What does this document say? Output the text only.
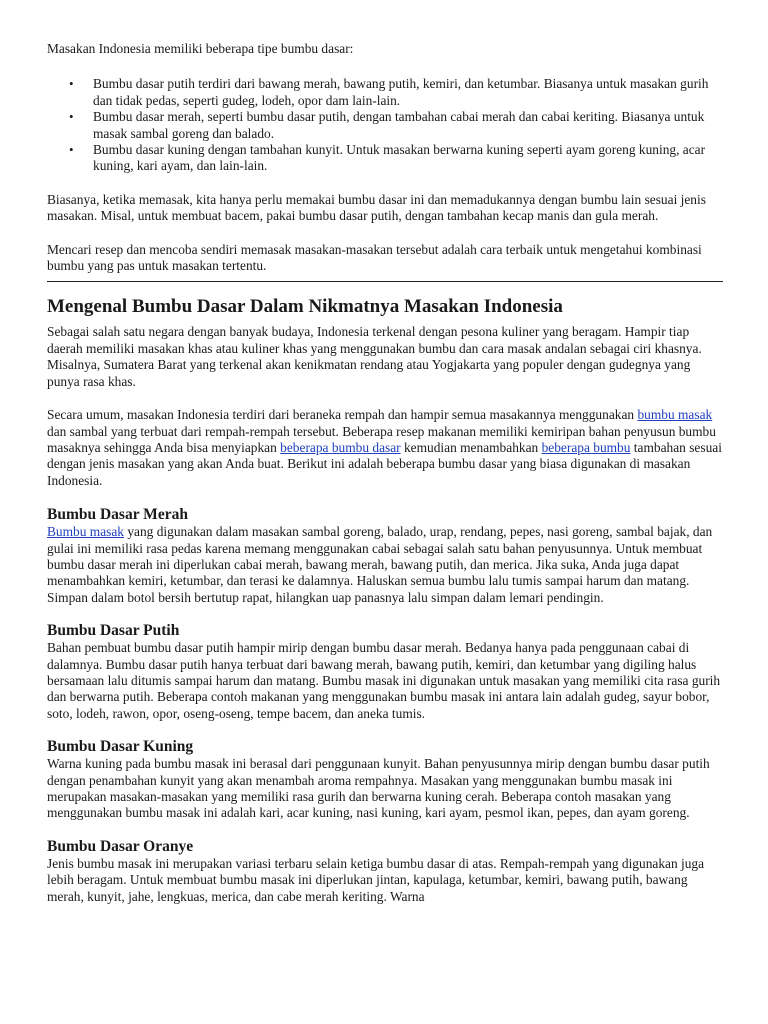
Masakan Indonesia memiliki beberapa tipe bumbu dasar:

• Bumbu dasar putih terdiri dari bawang merah, bawang putih, kemiri, dan ketumbar. Biasanya untuk masakan gurih dan tidak pedas, seperti gudeg, lodeh, opor dam lain-lain.
• Bumbu dasar merah, seperti bumbu dasar putih, dengan tambahan cabai merah dan cabai keriting. Biasanya untuk masak sambal goreng dan balado.
• Bumbu dasar kuning dengan tambahan kunyit. Untuk masakan berwarna kuning seperti ayam goreng kuning, acar kuning, kari ayam, dan lain-lain.

Biasanya, ketika memasak, kita hanya perlu memakai bumbu dasar ini dan memadukannya dengan bumbu lain sesuai jenis masakan. Misal, untuk membuat bacem, pakai bumbu dasar putih, dengan tambahan kecap manis dan gula merah.

Mencari resep dan mencoba sendiri memasak masakan-masakan tersebut adalah cara terbaik untuk mengetahui kombinasi bumbu yang pas untuk masakan tertentu.

Mengenal Bumbu Dasar Dalam Nikmatnya Masakan Indonesia

Sebagai salah satu negara dengan banyak budaya, Indonesia terkenal dengan pesona kuliner yang beragam. Hampir tiap daerah memiliki masakan khas atau kuliner khas yang menggunakan bumbu dan cara masak andalan sebagai ciri khasnya. Misalnya, Sumatera Barat yang terkenal akan kenikmatan rendang atau Yogjakarta yang populer dengan gudegnya yang punya rasa khas.

Secara umum, masakan Indonesia terdiri dari beraneka rempah dan hampir semua masakannya menggunakan bumbu masak dan sambal yang terbuat dari rempah-rempah tersebut. Beberapa resep makanan memiliki kemiripan bahan penyusun bumbu masaknya sehingga Anda bisa menyiapkan beberapa bumbu dasar kemudian menambahkan beberapa bumbu tambahan sesuai dengan jenis masakan yang akan Anda buat. Berikut ini adalah beberapa bumbu dasar yang biasa digunakan di masakan Indonesia.

Bumbu Dasar Merah

Bumbu masak yang digunakan dalam masakan sambal goreng, balado, urap, rendang, pepes, nasi goreng, sambal bajak, dan gulai ini memiliki rasa pedas karena memang menggunakan cabai sebagai salah satu bahan penyusunnya. Untuk membuat bumbu dasar merah ini diperlukan cabai merah, bawang merah, bawang putih, dan merica. Jika suka, Anda juga dapat menambahkan kemiri, ketumbar, dan terasi ke dalamnya. Haluskan semua bumbu lalu tumis sampai harum dan matang. Simpan dalam botol bersih bertutup rapat, hilangkan uap panasnya lalu simpan dalam lemari pendingin.

Bumbu Dasar Putih

Bahan pembuat bumbu dasar putih hampir mirip dengan bumbu dasar merah. Bedanya hanya pada penggunaan cabai di dalamnya. Bumbu dasar putih hanya terbuat dari bawang merah, bawang putih, kemiri, dan ketumbar yang digiling halus bersamaan lalu ditumis sampai harum dan matang. Bumbu masak ini digunakan untuk masakan yang memiliki cita rasa gurih dan berwarna putih. Beberapa contoh makanan yang menggunakan bumbu masak ini antara lain adalah gudeg, sayur bobor, soto, lodeh, rawon, opor, oseng-oseng, tempe bacem, dan aneka tumis.

Bumbu Dasar Kuning

Warna kuning pada bumbu masak ini berasal dari penggunaan kunyit. Bahan penyusunnya mirip dengan bumbu dasar putih dengan penambahan kunyit yang akan menambah aroma rempahnya. Masakan yang menggunakan bumbu masak ini merupakan masakan-masakan yang memiliki rasa gurih dan berwarna kuning cerah. Beberapa contoh masakan yang menggunakan bumbu masak ini adalah kari, acar kuning, nasi kuning, kari ayam, pesmol ikan, pepes, dan ayam goreng.

Bumbu Dasar Oranye

Jenis bumbu masak ini merupakan variasi terbaru selain ketiga bumbu dasar di atas. Rempah-rempah yang digunakan juga lebih beragam. Untuk membuat bumbu masak ini diperlukan jintan, kapulaga, ketumbar, kemiri, bawang putih, bawang merah, kunyit, jahe, lengkuas, merica, dan cabe merah keriting. Warna
